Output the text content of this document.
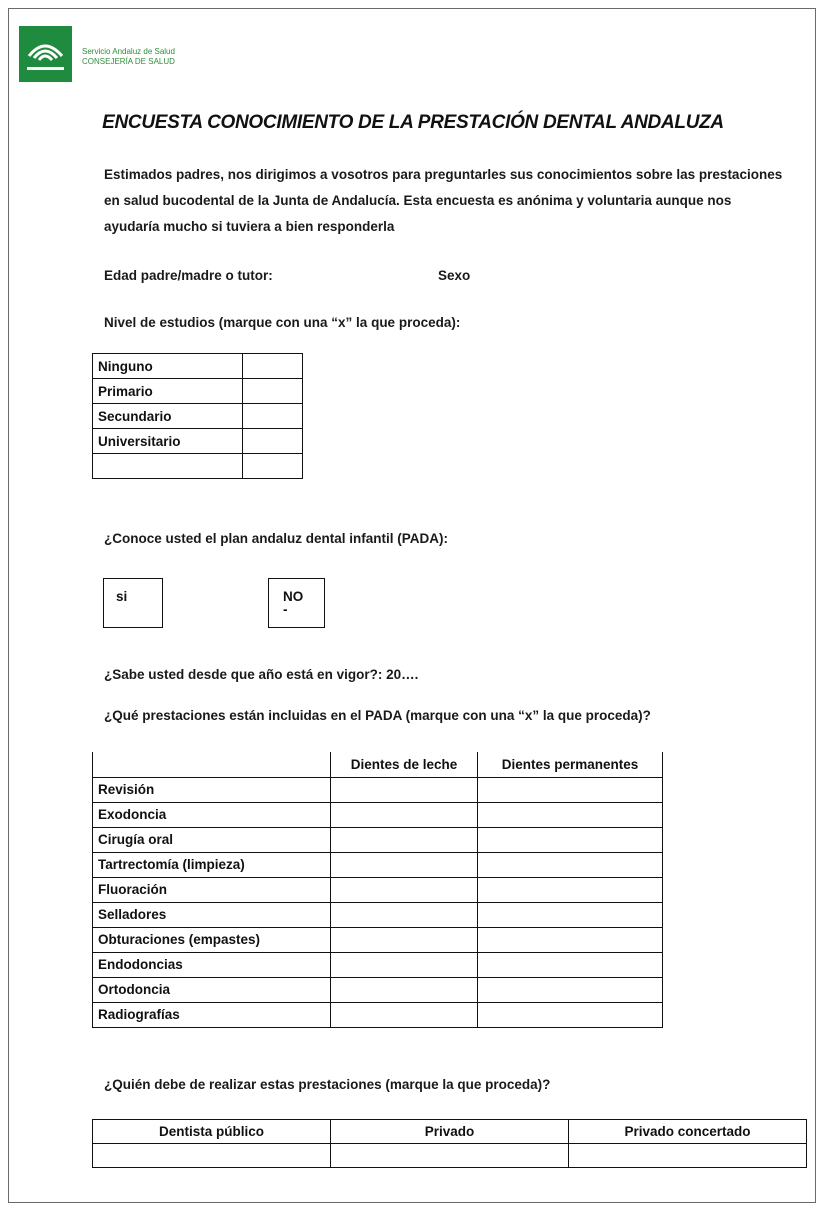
Servicio Andaluz de Salud
CONSEJERÍA DE SALUD
ENCUESTA CONOCIMIENTO DE LA PRESTACIÓN DENTAL ANDALUZA
Estimados padres, nos dirigimos a vosotros para preguntarles sus conocimientos sobre las prestaciones en salud bucodental de la Junta de Andalucía. Esta encuesta es anónima y voluntaria aunque nos ayudaría mucho si tuviera a bien responderla
Edad padre/madre o tutor:	Sexo
Nivel de estudios (marque con una “x” la que proceda):
Ninguno	
Primario	
Secundario	
Universitario	

¿Conoce usted el plan andaluz dental infantil (PADA):
si	NO
-
¿Sabe usted desde que año está en vigor?: 20….
¿Qué prestaciones están incluidas en el PADA (marque con una “x” la que proceda)?
	Dientes de leche	Dientes permanentes
Revisión		
Exodoncia		
Cirugía oral		
Tartrectomía (limpieza)		
Fluoración		
Selladores		
Obturaciones (empastes)		
Endodoncias		
Ortodoncia		
Radiografías		
¿Quién debe de realizar estas prestaciones (marque la que proceda)?
Dentista público	Privado	Privado concertado
